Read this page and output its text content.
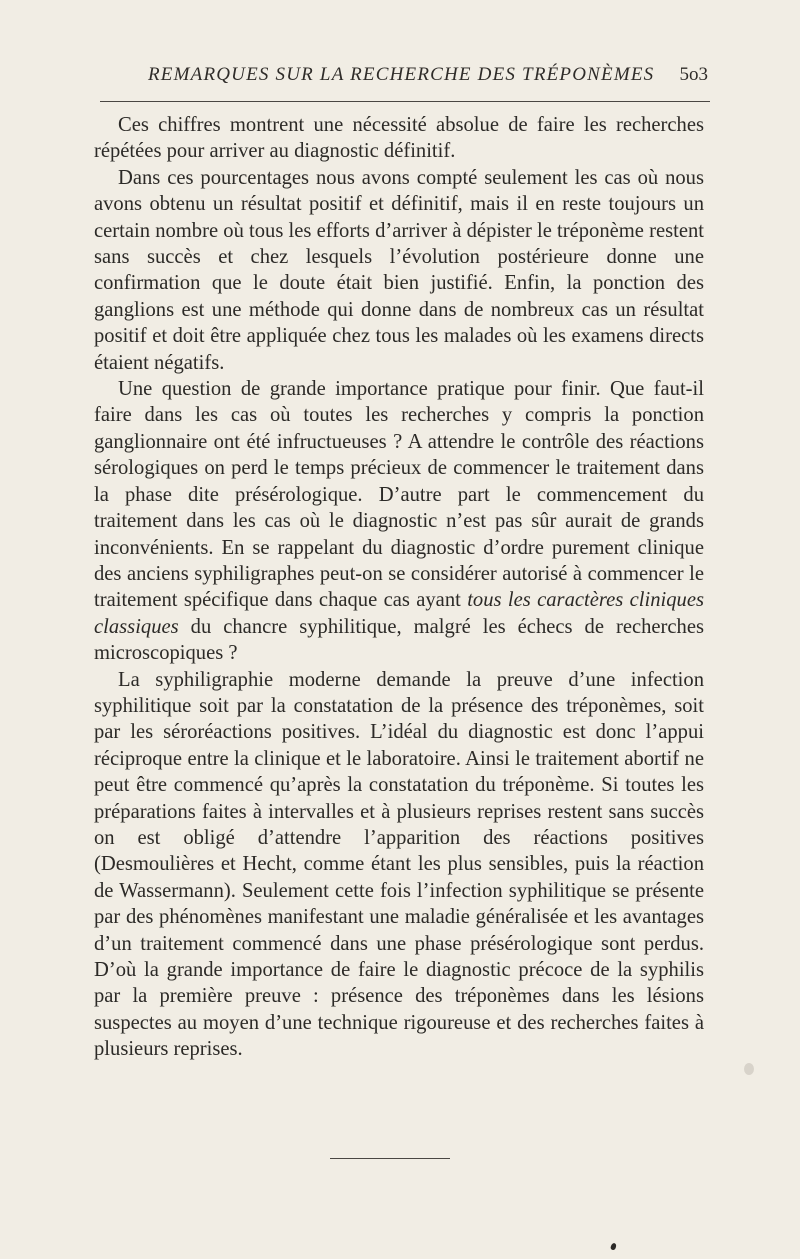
REMARQUES SUR LA RECHERCHE DES TRÉPONÈMES 5o3

Ces chiffres montrent une nécessité absolue de faire les recherches répétées pour arriver au diagnostic définitif.

Dans ces pourcentages nous avons compté seulement les cas où nous avons obtenu un résultat positif et définitif, mais il en reste toujours un certain nombre où tous les efforts d’arriver à dépister le tréponème restent sans succès et chez lesquels l’évolution postérieure donne une confirmation que le doute était bien justifié. Enfin, la ponction des ganglions est une méthode qui donne dans de nombreux cas un résultat positif et doit être appliquée chez tous les malades où les examens directs étaient négatifs.

Une question de grande importance pratique pour finir. Que faut-il faire dans les cas où toutes les recherches y compris la ponction ganglionnaire ont été infructueuses ? A attendre le contrôle des réactions sérologiques on perd le temps précieux de commencer le traitement dans la phase dite présérologique. D’autre part le commencement du traitement dans les cas où le diagnostic n’est pas sûr aurait de grands inconvénients. En se rappelant du diagnostic d’ordre purement clinique des anciens syphiligraphes peut-on se considérer autorisé à commencer le traitement spécifique dans chaque cas ayant tous les caractères cliniques classiques du chancre syphilitique, malgré les échecs de recherches microscopiques ?

La syphiligraphie moderne demande la preuve d’une infection syphilitique soit par la constatation de la présence des tréponèmes, soit par les séroréactions positives. L’idéal du diagnostic est donc l’appui réciproque entre la clinique et le laboratoire. Ainsi le traitement abortif ne peut être commencé qu’après la constatation du tréponème. Si toutes les préparations faites à intervalles et à plusieurs reprises restent sans succès on est obligé d’attendre l’apparition des réactions positives (Desmoulières et Hecht, comme étant les plus sensibles, puis la réaction de Wassermann). Seulement cette fois l’infection syphilitique se présente par des phénomènes manifestant une maladie généralisée et les avantages d’un traitement commencé dans une phase présérologique sont perdus. D’où la grande importance de faire le diagnostic précoce de la syphilis par la première preuve : présence des tréponèmes dans les lésions suspectes au moyen d’une technique rigoureuse et des recherches faites à plusieurs reprises.
